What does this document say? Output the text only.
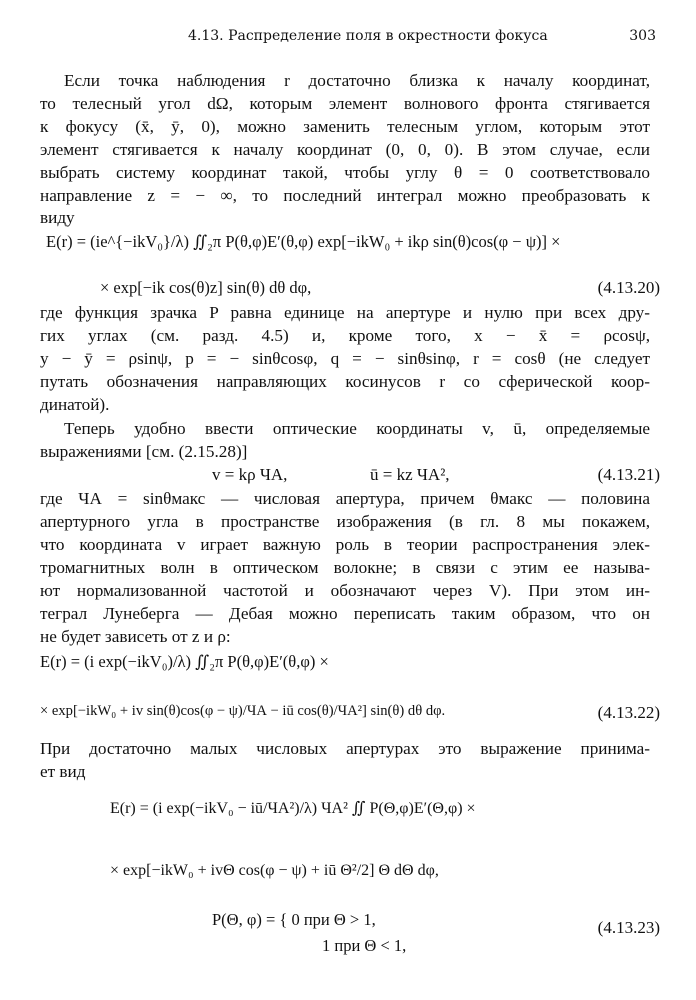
4.13. Распределение поля в окрестности фокуса	303
Если точка наблюдения r достаточно близка к началу координат,
то телесный угол dΩ, которым элемент волнового фронта стягивается
к фокусу (x̄, ȳ, 0), можно заменить телесным углом, которым этот
элемент стягивается к началу координат (0, 0, 0). В этом случае, если
выбрать систему координат такой, чтобы углу θ = 0 соответствовало
направление z = − ∞, то последний интеграл можно преобразовать к
виду
E(r) = (ie^{−ikV₀}/λ) ∬₂π P(θ,φ)E′(θ,φ) exp[−ikW₀ + ikρ sin(θ)cos(φ − ψ)] ×
× exp[−ik cos(θ)z] sin(θ) dθ dφ,	(4.13.20)
где функция зрачка P равна единице на апертуре и нулю при всех дру-
гих углах (см. разд. 4.5) и, кроме того, x − x̄ = ρcosψ,
y − ȳ = ρsinψ, p = − sinθcosφ, q = − sinθsinφ, r = cosθ (не следует
путать обозначения направляющих косинусов r со сферической коор-
динатой).
Теперь удобно ввести оптические координаты v, ū, определяемые
выражениями [см. (2.15.28)]
v = kρ ЧА,	ū = kz ЧА²,	(4.13.21)
где ЧА = sinθмакс — числовая апертура, причем θмакс — половина
апертурного угла в пространстве изображения (в гл. 8 мы покажем,
что координата v играет важную роль в теории распространения элек-
тромагнитных волн в оптическом волокне; в связи с этим ее называ-
ют нормализованной частотой и обозначают через V). При этом ин-
теграл Лунеберга — Дебая можно переписать таким образом, что он
не будет зависеть от z и ρ:
E(r) = (i exp(−ikV₀)/λ) ∬₂π P(θ,φ)E′(θ,φ) ×
× exp[−ikW₀ + iv sin(θ)cos(φ − ψ)/ЧА − iū cos(θ)/ЧА²] sin(θ) dθ dφ.	(4.13.22)
При достаточно малых числовых апертурах это выражение принима-
ет вид
E(r) = (i exp(−ikV₀ − iū/ЧА²)/λ) ЧА² ∬ P(Θ,φ)E′(Θ,φ) ×
× exp[−ikW₀ + ivΘ cos(φ − ψ) + iū Θ²/2] Θ dΘ dφ,
P(Θ, φ) = { 0 при Θ > 1,
1 при Θ < 1,
(4.13.23)
